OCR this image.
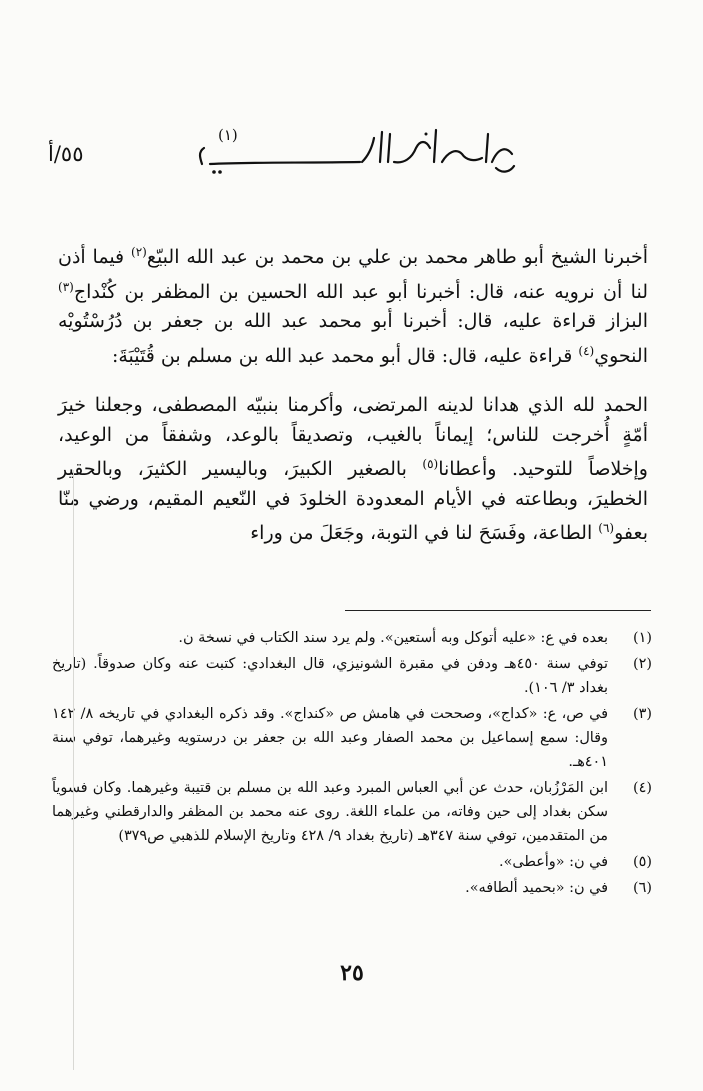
٥٥/أ
(١)

أخبرنا الشيخ أبو طاهر محمد بن علي بن محمد بن عبد الله البيّع$^{(٢)}$ فيما أذن لنا أن نرويه عنه، قال: أخبرنا أبو عبد الله الحسين بن المظفر بن كُنْداج$^{(٣)}$ البزاز قراءة عليه، قال: أخبرنا أبو محمد عبد الله بن جعفر بن دُرُسْتُويْه النحوي$^{(٤)}$ قراءة عليه، قال: قال أبو محمد عبد الله بن مسلم بن قُتَيْبَةَ:

الحمد لله الذي هدانا لدينه المرتضى، وأكرمنا بنبيّه المصطفى، وجعلنا خيرَ أمّةٍ أُخرجت للناس؛ إيماناً بالغيب، وتصديقاً بالوعد، وشفقاً من الوعيد، وإخلاصاً للتوحيد. وأعطانا$^{(٥)}$ بالصغير الكبيرَ، وباليسير الكثيرَ، وبالحقير الخطيرَ، وبطاعته في الأيام المعدودة الخلودَ في النّعيم المقيم، ورضي منّا بعفو$^{(٦)}$ الطاعة، وفَسَحَ لنا في التوبة، وجَعَلَ من وراء

(١)
بعده في ع: «عليه أتوكل وبه أستعين». ولم يرد سند الكتاب في نسخة ن.
(٢)
توفي سنة ٤٥٠هـ ودفن في مقبرة الشونيزي، قال البغدادي: كتبت عنه وكان صدوقاً. (تاريخ بغداد ٣/ ١٠٦).
(٣)
في ص، ع: «كداج»، وصححت في هامش ص «كنداج». وقد ذكره البغدادي في تاريخه ٨/ ١٤٢ وقال: سمع إسماعيل بن محمد الصفار وعبد الله بن جعفر بن درستويه وغيرهما، توفي سنة ٤٠١هـ.
(٤)
ابن المَرْزُبان، حدث عن أبي العباس المبرد وعبد الله بن مسلم بن قتيبة وغيرهما. وكان فسوياً سكن بغداد إلى حين وفاته، من علماء اللغة. روى عنه محمد بن المظفر والدارقطني وغيرهما من المتقدمين، توفي سنة ٣٤٧هـ (تاريخ بغداد ٩/ ٤٢٨ وتاريخ الإسلام للذهبي ص٣٧٩)
(٥)
في ن: «وأعطى».
(٦)
في ن: «بحميد ألطافه».
٢٥
